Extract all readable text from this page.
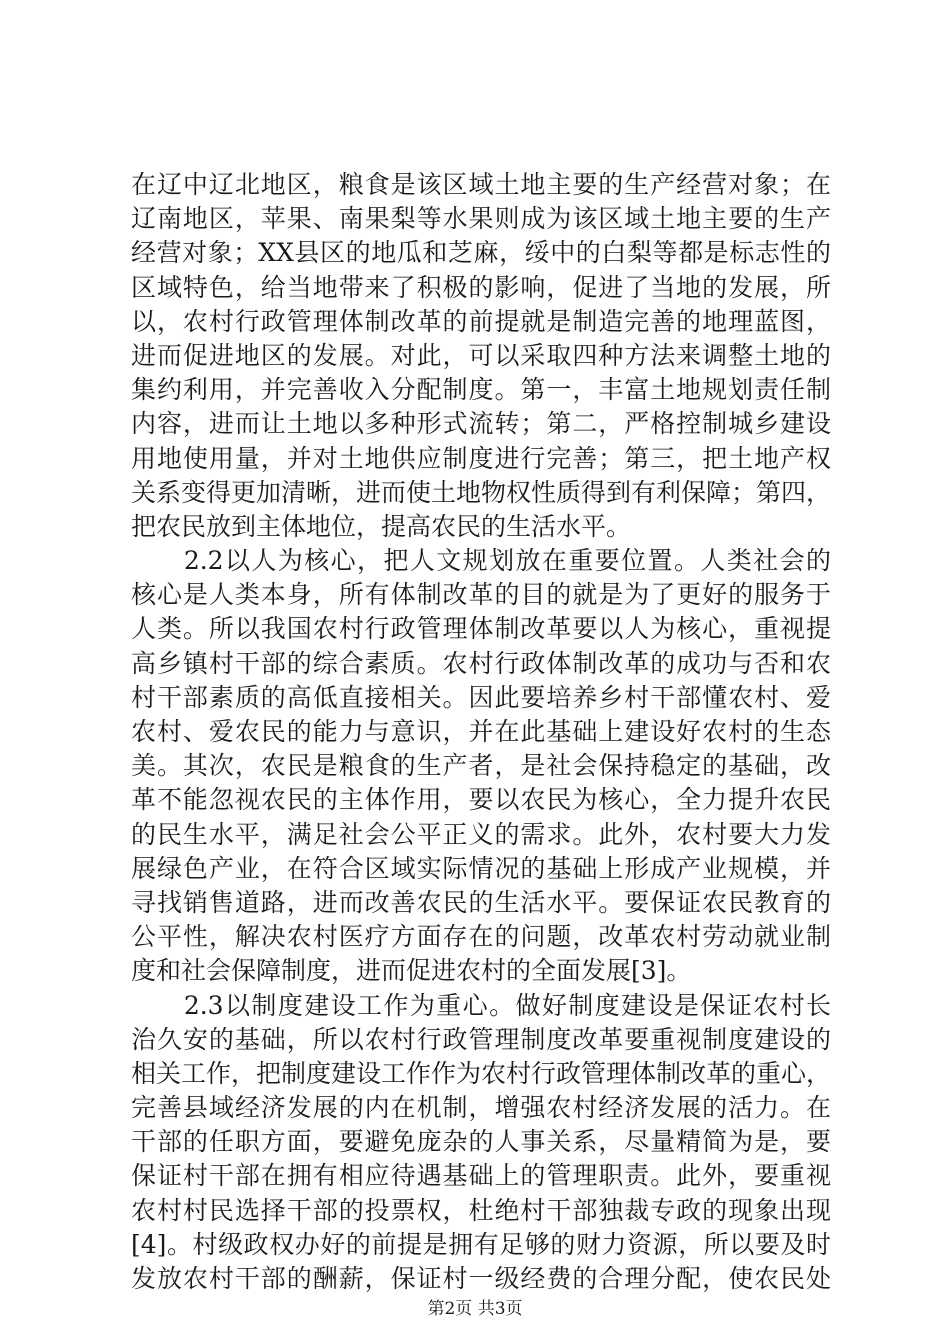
在辽中辽北地区，粮食是该区域土地主要的生产经营对象；在
辽南地区，苹果、南果梨等水果则成为该区域土地主要的生产
经营对象；XX县区的地瓜和芝麻，绥中的白梨等都是标志性的
区域特色，给当地带来了积极的影响，促进了当地的发展，所
以，农村行政管理体制改革的前提就是制造完善的地理蓝图，
进而促进地区的发展。对此，可以采取四种方法来调整土地的
集约利用，并完善收入分配制度。第一，丰富土地规划责任制
内容，进而让土地以多种形式流转；第二，严格控制城乡建设
用地使用量，并对土地供应制度进行完善；第三，把土地产权
关系变得更加清晰，进而使土地物权性质得到有利保障；第四，
把农民放到主体地位，提高农民的生活水平。
　　2.2以人为核心，把人文规划放在重要位置。人类社会的
核心是人类本身，所有体制改革的目的就是为了更好的服务于
人类。所以我国农村行政管理体制改革要以人为核心，重视提
高乡镇村干部的综合素质。农村行政体制改革的成功与否和农
村干部素质的高低直接相关。因此要培养乡村干部懂农村、爱
农村、爱农民的能力与意识，并在此基础上建设好农村的生态
美。其次，农民是粮食的生产者，是社会保持稳定的基础，改
革不能忽视农民的主体作用，要以农民为核心，全力提升农民
的民生水平，满足社会公平正义的需求。此外，农村要大力发
展绿色产业，在符合区域实际情况的基础上形成产业规模，并
寻找销售道路，进而改善农民的生活水平。要保证农民教育的
公平性，解决农村医疗方面存在的问题，改革农村劳动就业制
度和社会保障制度，进而促进农村的全面发展[3]。
　　2.3以制度建设工作为重心。做好制度建设是保证农村长
治久安的基础，所以农村行政管理制度改革要重视制度建设的
相关工作，把制度建设工作作为农村行政管理体制改革的重心，
完善县域经济发展的内在机制，增强农村经济发展的活力。在
干部的任职方面，要避免庞杂的人事关系，尽量精简为是，要
保证村干部在拥有相应待遇基础上的管理职责。此外，要重视
农村村民选择干部的投票权，杜绝村干部独裁专政的现象出现
[4]。村级政权办好的前提是拥有足够的财力资源，所以要及时
发放农村干部的酬薪，保证村一级经费的合理分配，使农民处
第2页 共3页
